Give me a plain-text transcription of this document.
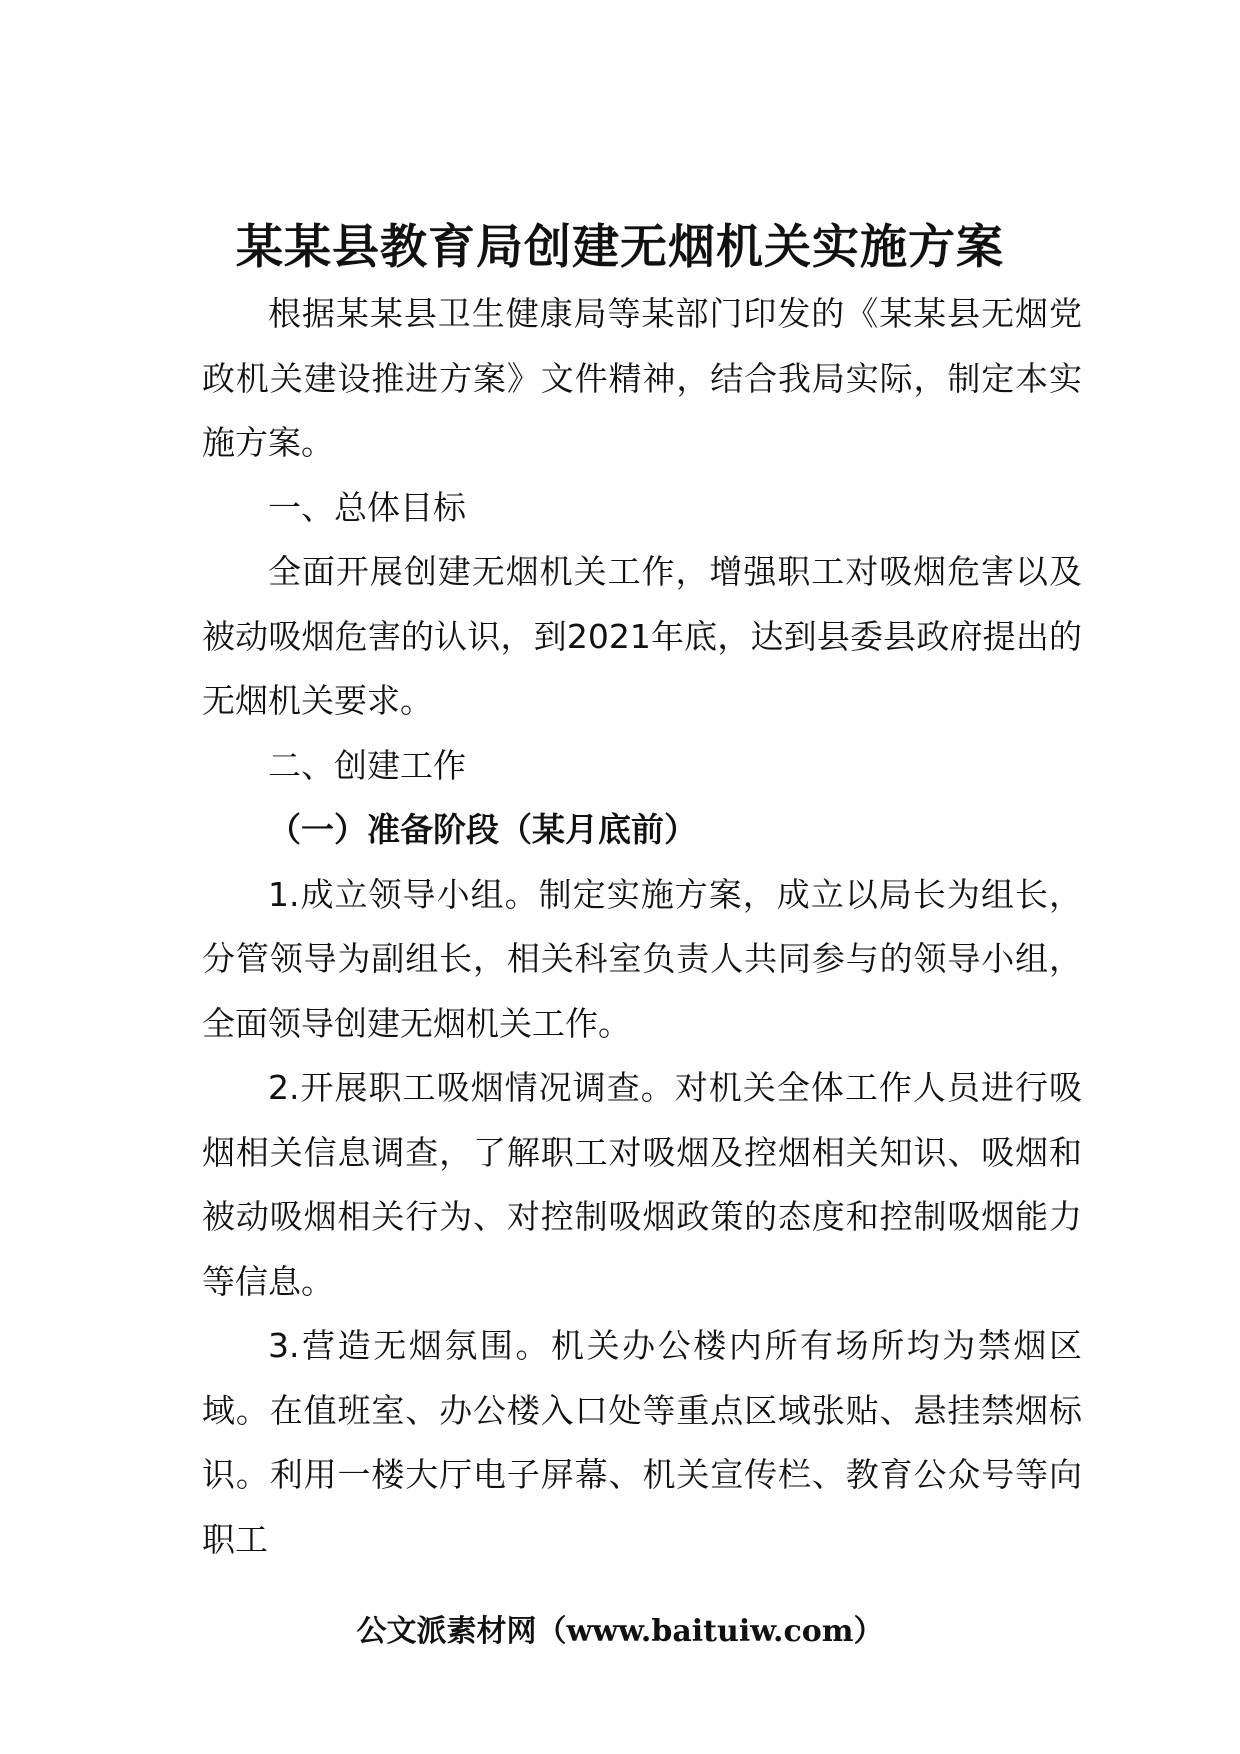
某某县教育局创建无烟机关实施方案

根据某某县卫生健康局等某部门印发的《某某县无烟党政机关建设推进方案》文件精神，结合我局实际，制定本实施方案。

一、总体目标

全面开展创建无烟机关工作，增强职工对吸烟危害以及被动吸烟危害的认识，到2021年底，达到县委县政府提出的无烟机关要求。

二、创建工作

（一）准备阶段（某月底前）

1.成立领导小组。制定实施方案，成立以局长为组长，分管领导为副组长，相关科室负责人共同参与的领导小组，全面领导创建无烟机关工作。

2.开展职工吸烟情况调查。对机关全体工作人员进行吸烟相关信息调查，了解职工对吸烟及控烟相关知识、吸烟和被动吸烟相关行为、对控制吸烟政策的态度和控制吸烟能力等信息。

3.营造无烟氛围。机关办公楼内所有场所均为禁烟区域。在值班室、办公楼入口处等重点区域张贴、悬挂禁烟标识。利用一楼大厅电子屏幕、机关宣传栏、教育公众号等向职工

公文派素材网（www.baituiw.com）
